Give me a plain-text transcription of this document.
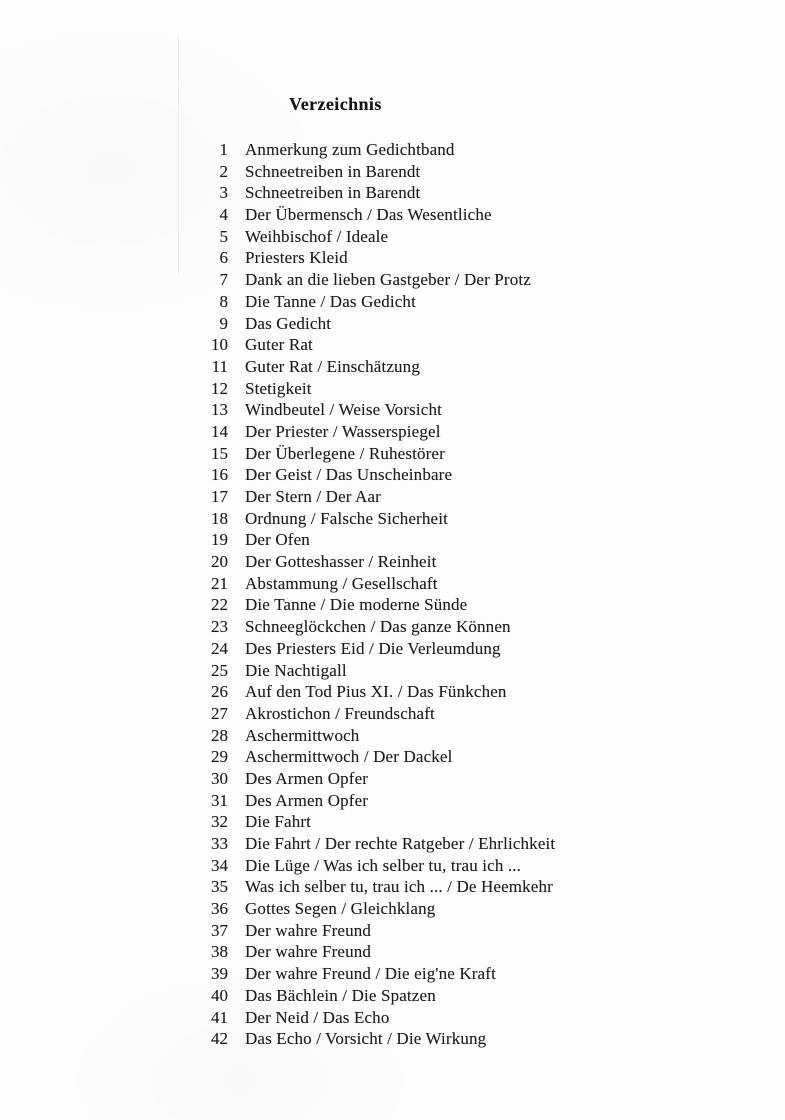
Verzeichnis
1 Anmerkung zum Gedichtband
2 Schneetreiben in Barendt
3 Schneetreiben in Barendt
4 Der Übermensch / Das Wesentliche
5 Weihbischof / Ideale
6 Priesters Kleid
7 Dank an die lieben Gastgeber / Der Protz
8 Die Tanne / Das Gedicht
9 Das Gedicht
10 Guter Rat
11 Guter Rat / Einschätzung
12 Stetigkeit
13 Windbeutel / Weise Vorsicht
14 Der Priester / Wasserspiegel
15 Der Überlegene / Ruhestörer
16 Der Geist / Das Unscheinbare
17 Der Stern / Der Aar
18 Ordnung / Falsche Sicherheit
19 Der Ofen
20 Der Gotteshasser / Reinheit
21 Abstammung / Gesellschaft
22 Die Tanne / Die moderne Sünde
23 Schneeglöckchen / Das ganze Können
24 Des Priesters Eid / Die Verleumdung
25 Die Nachtigall
26 Auf den Tod Pius XI. / Das Fünkchen
27 Akrostichon / Freundschaft
28 Aschermittwoch
29 Aschermittwoch / Der Dackel
30 Des Armen Opfer
31 Des Armen Opfer
32 Die Fahrt
33 Die Fahrt / Der rechte Ratgeber / Ehrlichkeit
34 Die Lüge / Was ich selber tu, trau ich ...
35 Was ich selber tu, trau ich ... / De Heemkehr
36 Gottes Segen / Gleichklang
37 Der wahre Freund
38 Der wahre Freund
39 Der wahre Freund / Die eig'ne Kraft
40 Das Bächlein / Die Spatzen
41 Der Neid / Das Echo
42 Das Echo / Vorsicht / Die Wirkung
